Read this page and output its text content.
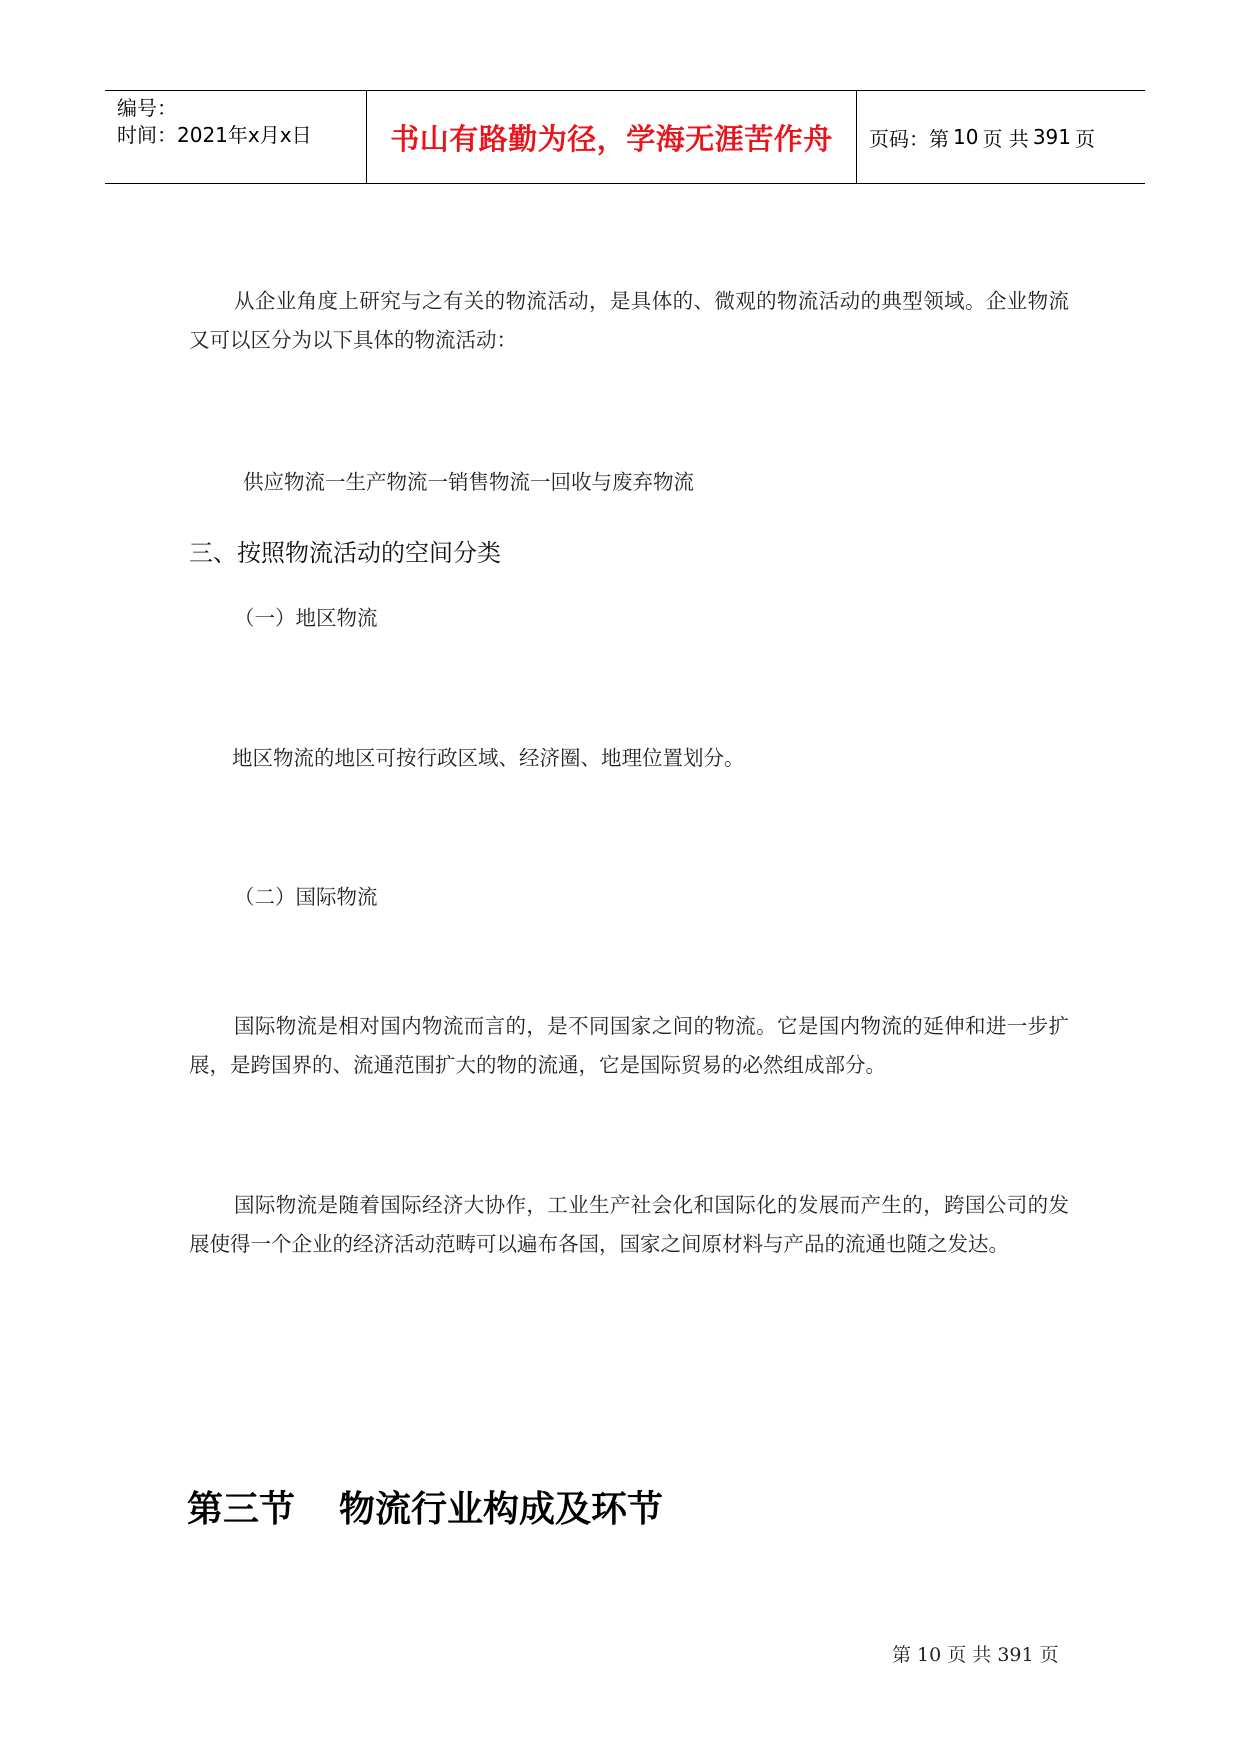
编号：
时间：2021年x月x日	书山有路勤为径，学海无涯苦作舟	页码：第 10 页 共 391 页
从企业角度上研究与之有关的物流活动，是具体的、微观的物流活动的典型领域。企业物流又可以区分为以下具体的物流活动：
供应物流一生产物流一销售物流一回收与废弃物流
三、按照物流活动的空间分类
（一）地区物流
地区物流的地区可按行政区域、经济圈、地理位置划分。
（二）国际物流
国际物流是相对国内物流而言的，是不同国家之间的物流。它是国内物流的延伸和进一步扩展，是跨国界的、流通范围扩大的物的流通，它是国际贸易的必然组成部分。
国际物流是随着国际经济大协作，工业生产社会化和国际化的发展而产生的，跨国公司的发展使得一个企业的经济活动范畴可以遍布各国，国家之间原材料与产品的流通也随之发达。
第三节 物流行业构成及环节
第 10 页 共 391 页
